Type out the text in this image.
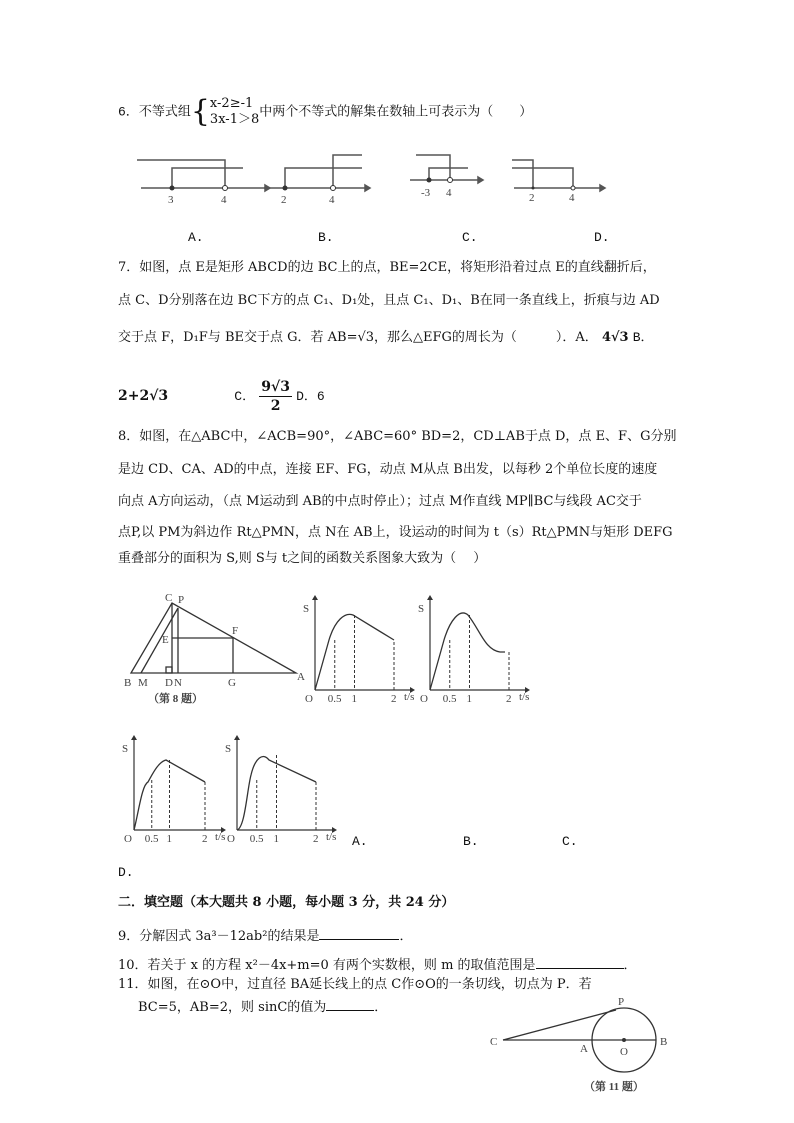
6．不等式组{x-2≥-1
3x-1＞8中两个不等式的解集在数轴上可表示为（　　）
3	4	2	4
-3 4	2	4
A.	B.	C.	D.
7．如图，点 E是矩形 ABCD的边 BC上的点，BE=2CE，将矩形沿着过点 E的直线翻折后，
点 C、D分别落在边 BC下方的点 C₁、D₁处，且点 C₁、D₁、B在同一条直线上，折痕与边 AD
交于点 F，D₁F与 BE交于点 G．若 AB=√3，那么△EFG的周长为（　　　）．A． 4√3 B．
2+2√3	C． $\frac{9√3}{2}$ D．6
8．如图，在△ABC中，∠ACB=90°，∠ABC=60° BD=2，CD⊥AB于点 D，点 E、F、G分别
是边 CD、CA、AD的中点，连接 EF、FG，动点 M从点 B出发，以每秒 2个单位长度的速度
向点 A方向运动，（点 M运动到 AB的中点时停止）；过点 M作直线 MP∥BC与线段 AC交于
点P,以 PM为斜边作 Rt△PMN，点 N在 AB上，设运动的时间为 t（s）Rt△PMN与矩形 DEFG
重叠部分的面积为 S,则 S与 t之间的函数关系图象大致为（　 ）
C P
E
F
B M D N	G	A
（第 8 题）
S
O 0.5 1	2 t/s
S
O 0.5 1	2 t/s
S
O 0.5 1	2 t/s
S
O 0.5 1	2 t/s A.	B.	C.
D.
二．填空题（本大题共 8 小题，每小题 3 分，共 24 分）
9．分解因式 3a³－12ab²的结果是	．
10．若关于 x 的方程 x²－4x+m=0 有两个实数根，则 m 的取值范围是	．
11．如图，在⊙O中，过直径 BA延长线上的点 C作⊙O的一条切线，切点为 P．若
BC=5，AB=2，则 sinC的值为	．
C
A	O
B
P
（第 11 题）
